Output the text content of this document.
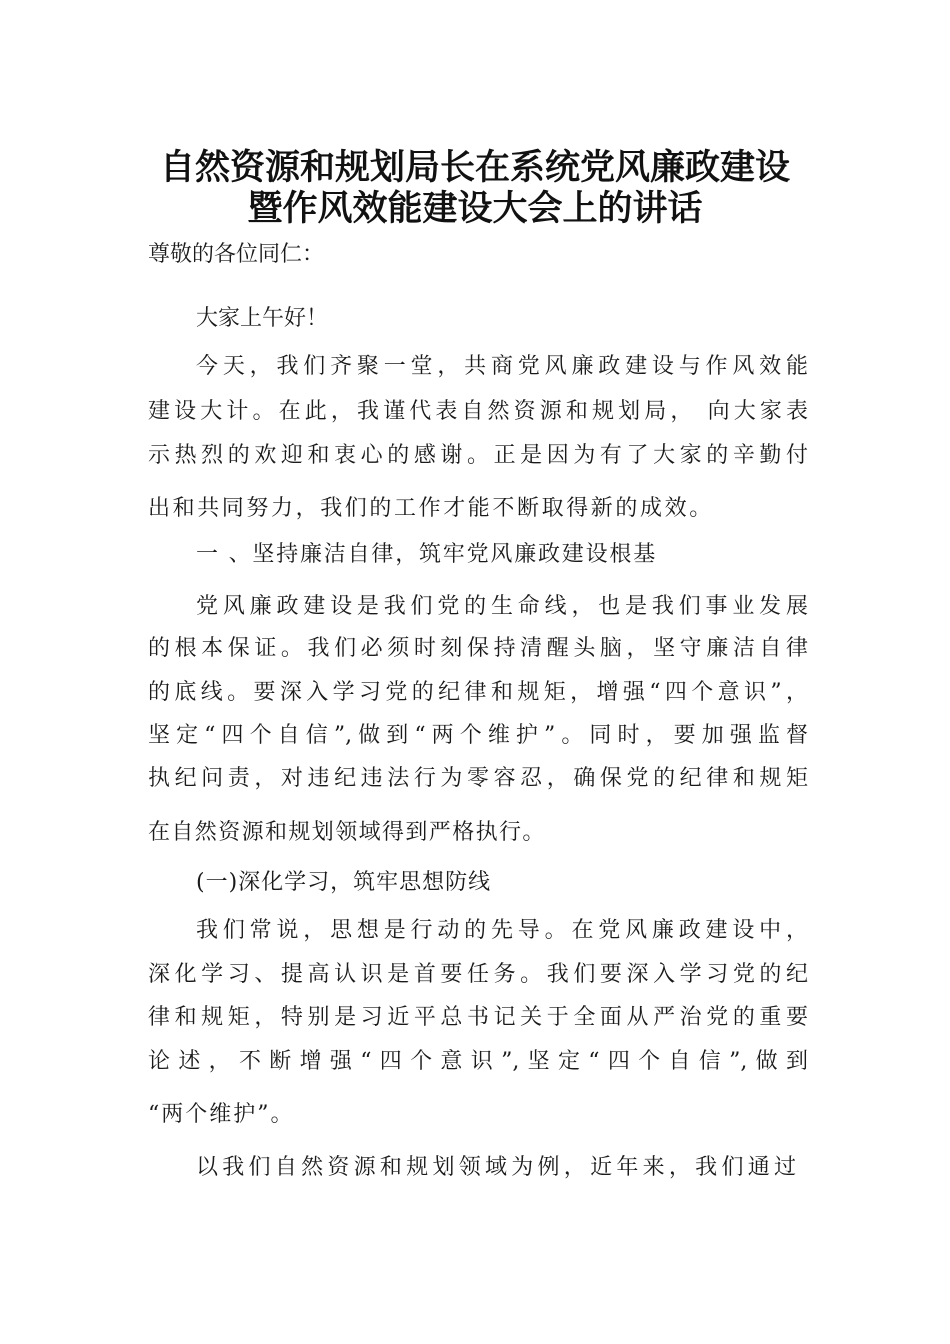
自然资源和规划局长在系统党风廉政建设
暨作风效能建设大会上的讲话
尊敬的各位同仁：
大家上午好！
今天，我们齐聚一堂，共商党风廉政建设与作风效能
建设大计。在此，我谨代表自然资源和规划局， 向大家表
示热烈的欢迎和衷心的感谢。正是因为有了大家的辛勤付
出和共同努力，我们的工作才能不断取得新的成效。
一 、坚持廉洁自律，筑牢党风廉政建设根基
党风廉政建设是我们党的生命线，也是我们事业发展
的根本保证。我们必须时刻保持清醒头脑，坚守廉洁自律
的底线。要深入学习党的纪律和规矩，增强“四个意识”，
坚定“四个自信”,做到“两个维护”。同时，要加强监督
执纪问责，对违纪违法行为零容忍，确保党的纪律和规矩
在自然资源和规划领域得到严格执行。
(一)深化学习，筑牢思想防线
我们常说，思想是行动的先导。在党风廉政建设中，
深化学习、提高认识是首要任务。我们要深入学习党的纪
律和规矩，特别是习近平总书记关于全面从严治党的重要
论述，不断增强“四个意识”,坚定“四个自信”,做到
“两个维护”。
以我们自然资源和规划领域为例，近年来，我们通过
